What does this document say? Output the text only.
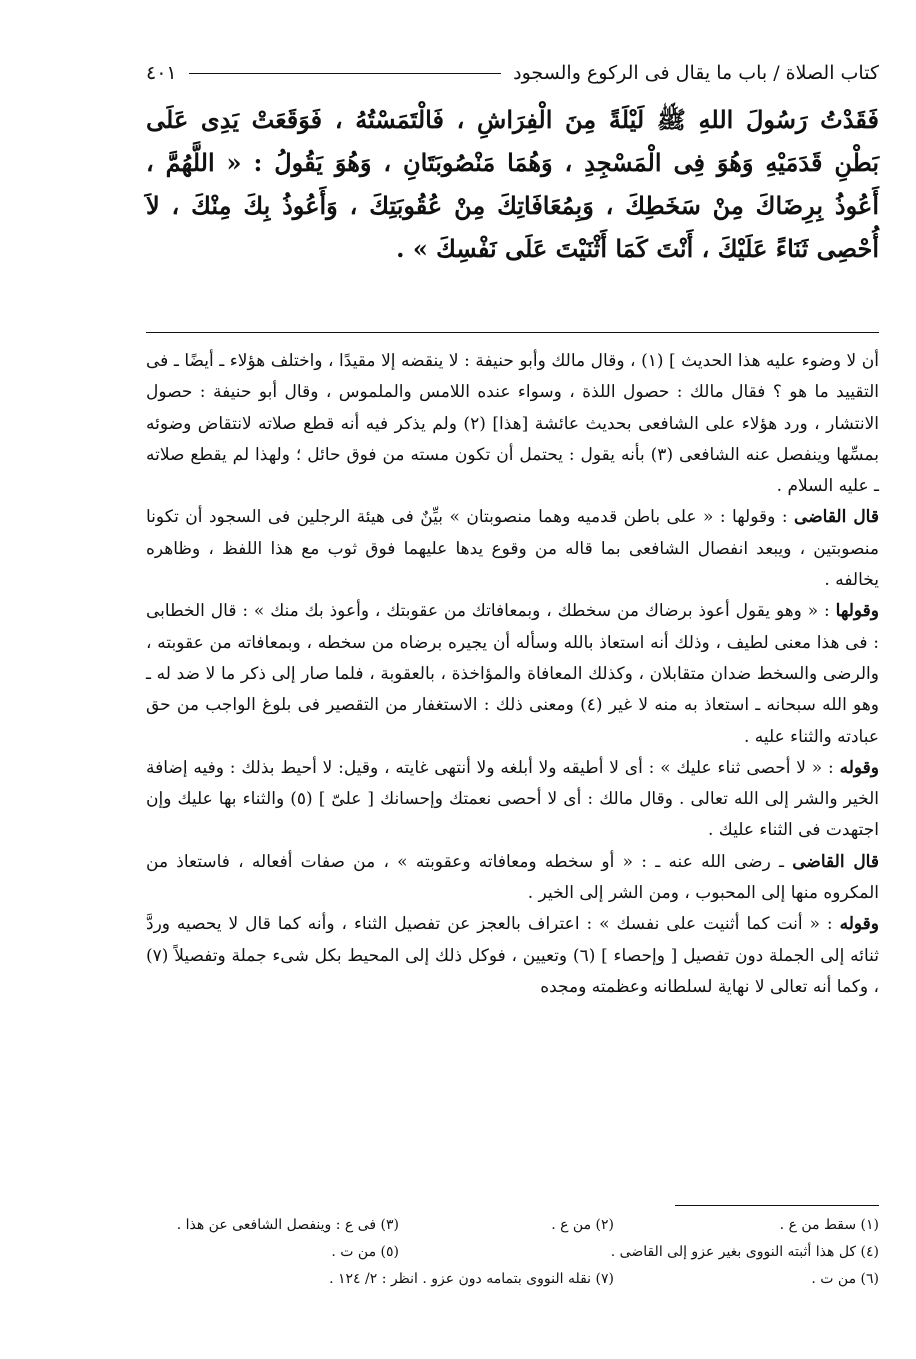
كتاب الصلاة / باب ما يقال فى الركوع والسجود
٤٠١
فَقَدْتُ رَسُولَ اللهِ ﷺ لَيْلَةً مِنَ الْفِرَاشِ ، فَالْتَمَسْتُهُ ، فَوَقَعَتْ يَدِى عَلَى بَطْنِ قَدَمَيْهِ وَهُوَ فِى الْمَسْجِدِ ، وَهُمَا مَنْصُوبَتَانِ ، وَهُوَ يَقُولُ : « اللَّهُمَّ ، أَعُوذُ بِرِضَاكَ مِنْ سَخَطِكَ ، وَبِمُعَافَاتِكَ مِنْ عُقُوبَتِكَ ، وَأَعُوذُ بِكَ مِنْكَ ، لاَ أُحْصِى ثَنَاءً عَلَيْكَ ، أَنْتَ كَمَا أَثْنَيْتَ عَلَى نَفْسِكَ » .

أن لا وضوء عليه هذا الحديث ] (١) ، وقال مالك وأبو حنيفة : لا ينقضه إلا مقيدًا ، واختلف هؤلاء ـ أيضًا ـ فى التقييد ما هو ؟ فقال مالك : حصول اللذة ، وسواء عنده اللامس والملموس ، وقال أبو حنيفة : حصول الانتشار ، ورد هؤلاء على الشافعى بحديث عائشة [هذا] (٢) ولم يذكر فيه أنه قطع صلاته لانتقاض وضوئه بمسِّها وينفصل عنه الشافعى (٣) بأنه يقول : يحتمل أن تكون مسته من فوق حائل ؛ ولهذا لم يقطع صلاته ـ عليه السلام .

قال القاضى : وقولها : « على باطن قدميه وهما منصوبتان » بيِّنٌ فى هيئة الرجلين فى السجود أن تكونا منصوبتين ، ويبعد انفصال الشافعى بما قاله من وقوع يدها عليهما فوق ثوب مع هذا اللفظ ، وظاهره يخالفه .

وقولها : « وهو يقول أعوذ برضاك من سخطك ، وبمعافاتك من عقوبتك ، وأعوذ بك منك » : قال الخطابى : فى هذا معنى لطيف ، وذلك أنه استعاذ بالله وسأله أن يجيره برضاه من سخطه ، وبمعافاته من عقوبته ، والرضى والسخط ضدان متقابلان ، وكذلك المعافاة والمؤاخذة ، بالعقوبة ، فلما صار إلى ذكر ما لا ضد له ـ وهو الله سبحانه ـ استعاذ به منه لا غير (٤) ومعنى ذلك : الاستغفار من التقصير فى بلوغ الواجب من حق عبادته والثناء عليه .

وقوله : « لا أحصى ثناء عليك » : أى لا أطيقه ولا أبلغه ولا أنتهى غايته ، وقيل: لا أحيط بذلك : وفيه إضافة الخير والشر إلى الله تعالى . وقال مالك : أى لا أحصى نعمتك وإحسانك [ علىّ ] (٥) والثناء بها عليك وإن اجتهدت فى الثناء عليك .

قال القاضى ـ رضى الله عنه ـ : « أو سخطه ومعافاته وعقوبته » ، من صفات أفعاله ، فاستعاذ من المكروه منها إلى المحبوب ، ومن الشر إلى الخير .

وقوله : « أنت كما أثنيت على نفسك » : اعتراف بالعجز عن تفصيل الثناء ، وأنه كما قال لا يحصيه وردَّ ثنائه إلى الجملة دون تفصيل [ وإحصاء ] (٦) وتعيين ، فوكل ذلك إلى المحيط بكل شىء جملة وتفصيلاً (٧) ، وكما أنه تعالى لا نهاية لسلطانه وعظمته ومجده

(١) سقط من ع .
(٢) من ع .
(٣) فى ع : وينفصل الشافعى عن هذا .
(٤) كل هذا أثبته النووى بغير عزو إلى القاضى .
(٥) من ت .
(٦) من ت .
(٧) نقله النووى بتمامه دون عزو . انظر : ٢/ ١٢٤ .
